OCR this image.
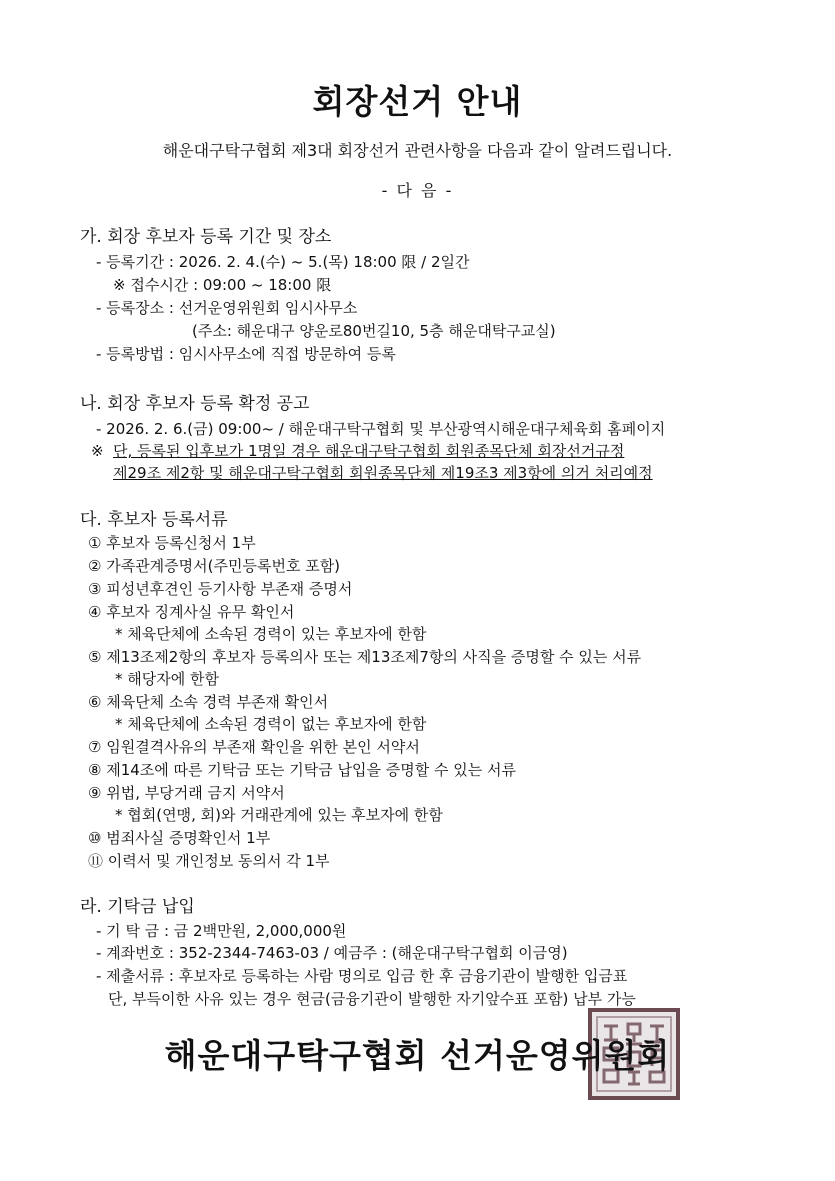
회장선거 안내
해운대구탁구협회 제3대 회장선거 관련사항을 다음과 같이 알려드립니다.
- 다 음 -
가. 회장 후보자 등록 기간 및 장소
- 등록기간 : 2026. 2. 4.(수) ~ 5.(목) 18:00 限 / 2일간
※ 접수시간 : 09:00 ~ 18:00 限
- 등록장소 : 선거운영위원회 임시사무소
(주소: 해운대구 양운로80번길10, 5층 해운대탁구교실)
- 등록방법 : 임시사무소에 직접 방문하여 등록
나. 회장 후보자 등록 확정 공고
- 2026. 2. 6.(금) 09:00~ / 해운대구탁구협회 및 부산광역시해운대구체육회 홈페이지
※ 단, 등록된 입후보가 1명일 경우 해운대구탁구협회 회원종목단체 회장선거규정
제29조 제2항 및 해운대구탁구협회 회원종목단체 제19조3 제3항에 의거 처리예정
다. 후보자 등록서류
① 후보자 등록신청서 1부
② 가족관계증명서(주민등록번호 포함)
③ 피성년후견인 등기사항 부존재 증명서
④ 후보자 징계사실 유무 확인서
* 체육단체에 소속된 경력이 있는 후보자에 한함
⑤ 제13조제2항의 후보자 등록의사 또는 제13조제7항의 사직을 증명할 수 있는 서류
* 해당자에 한함
⑥ 체육단체 소속 경력 부존재 확인서
* 체육단체에 소속된 경력이 없는 후보자에 한함
⑦ 임원결격사유의 부존재 확인을 위한 본인 서약서
⑧ 제14조에 따른 기탁금 또는 기탁금 납입을 증명할 수 있는 서류
⑨ 위법, 부당거래 금지 서약서
* 협회(연맹, 회)와 거래관계에 있는 후보자에 한함
⑩ 범죄사실 증명확인서 1부
⑪ 이력서 및 개인정보 동의서 각 1부
라. 기탁금 납입
- 기 탁 금 : 금 2백만원, 2,000,000원
- 계좌번호 : 352-2344-7463-03 / 예금주 : (해운대구탁구협회 이금영)
- 제출서류 : 후보자로 등록하는 사람 명의로 입금 한 후 금융기관이 발행한 입금표
단, 부득이한 사유 있는 경우 현금(금융기관이 발행한 자기앞수표 포함) 납부 가능
해운대구탁구협회 선거운영위원회
